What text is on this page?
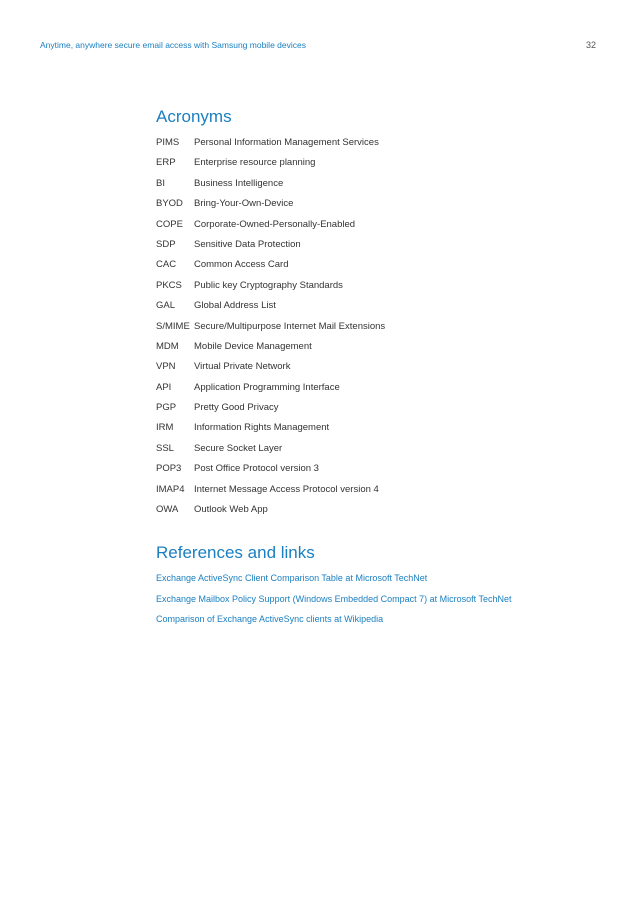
Anytime, anywhere secure email access with Samsung mobile devices	32
Acronyms
PIMS Personal Information Management Services
ERP Enterprise resource planning
BI	Business Intelligence
BYOD Bring-Your-Own-Device
COPE Corporate-Owned-Personally-Enabled
SDP Sensitive Data Protection
CAC Common Access Card
PKCS Public key Cryptography Standards
GAL Global Address List
S/MIME Secure/Multipurpose Internet Mail Extensions
MDM Mobile Device Management
VPN Virtual Private Network
API Application Programming Interface
PGP Pretty Good Privacy
IRM Information Rights Management
SSL Secure Socket Layer
POP3 Post Office Protocol version 3
IMAP4 Internet Message Access Protocol version 4
OWA Outlook Web App
References and links
Exchange ActiveSync Client Comparison Table at Microsoft TechNet
Exchange Mailbox Policy Support (Windows Embedded Compact 7) at Microsoft TechNet
Comparison of Exchange ActiveSync clients at Wikipedia
